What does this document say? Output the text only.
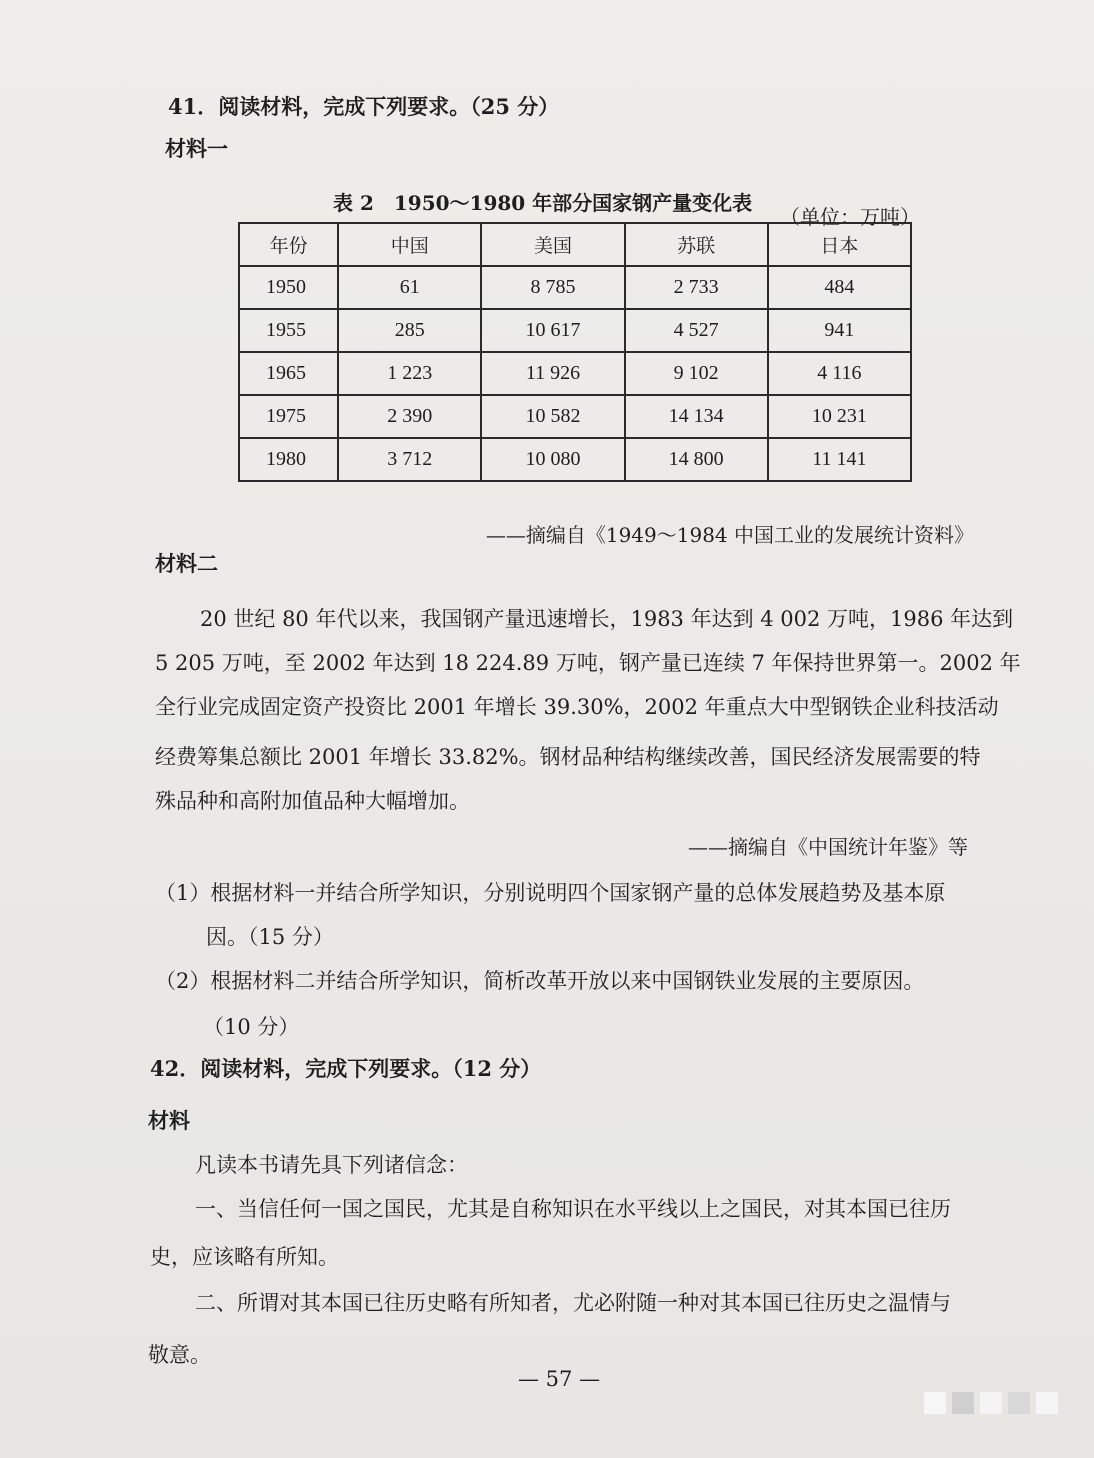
41．阅读材料，完成下列要求。（25 分）
材料一
表 2　1950～1980 年部分国家钢产量变化表
（单位：万吨）
年份	中国	美国	苏联	日本
1950	61	8 785	2 733	484
1955	285	10 617	4 527	941
1965	1 223	11 926	9 102	4 116
1975	2 390	10 582	14 134	10 231
1980	3 712	10 080	14 800	11 141
——摘编自《1949～1984 中国工业的发展统计资料》
材料二
20 世纪 80 年代以来，我国钢产量迅速增长，1983 年达到 4 002 万吨，1986 年达到
5 205 万吨，至 2002 年达到 18 224.89 万吨，钢产量已连续 7 年保持世界第一。2002 年
全行业完成固定资产投资比 2001 年增长 39.30%，2002 年重点大中型钢铁企业科技活动
经费筹集总额比 2001 年增长 33.82%。钢材品种结构继续改善，国民经济发展需要的特
殊品种和高附加值品种大幅增加。
——摘编自《中国统计年鉴》等
（1）根据材料一并结合所学知识，分别说明四个国家钢产量的总体发展趋势及基本原
因。（15 分）
（2）根据材料二并结合所学知识，简析改革开放以来中国钢铁业发展的主要原因。
（10 分）
42．阅读材料，完成下列要求。（12 分）
材料
凡读本书请先具下列诸信念：
一、当信任何一国之国民，尤其是自称知识在水平线以上之国民，对其本国已往历
史，应该略有所知。
二、所谓对其本国已往历史略有所知者，尤必附随一种对其本国已往历史之温情与
敬意。
— 57 —
